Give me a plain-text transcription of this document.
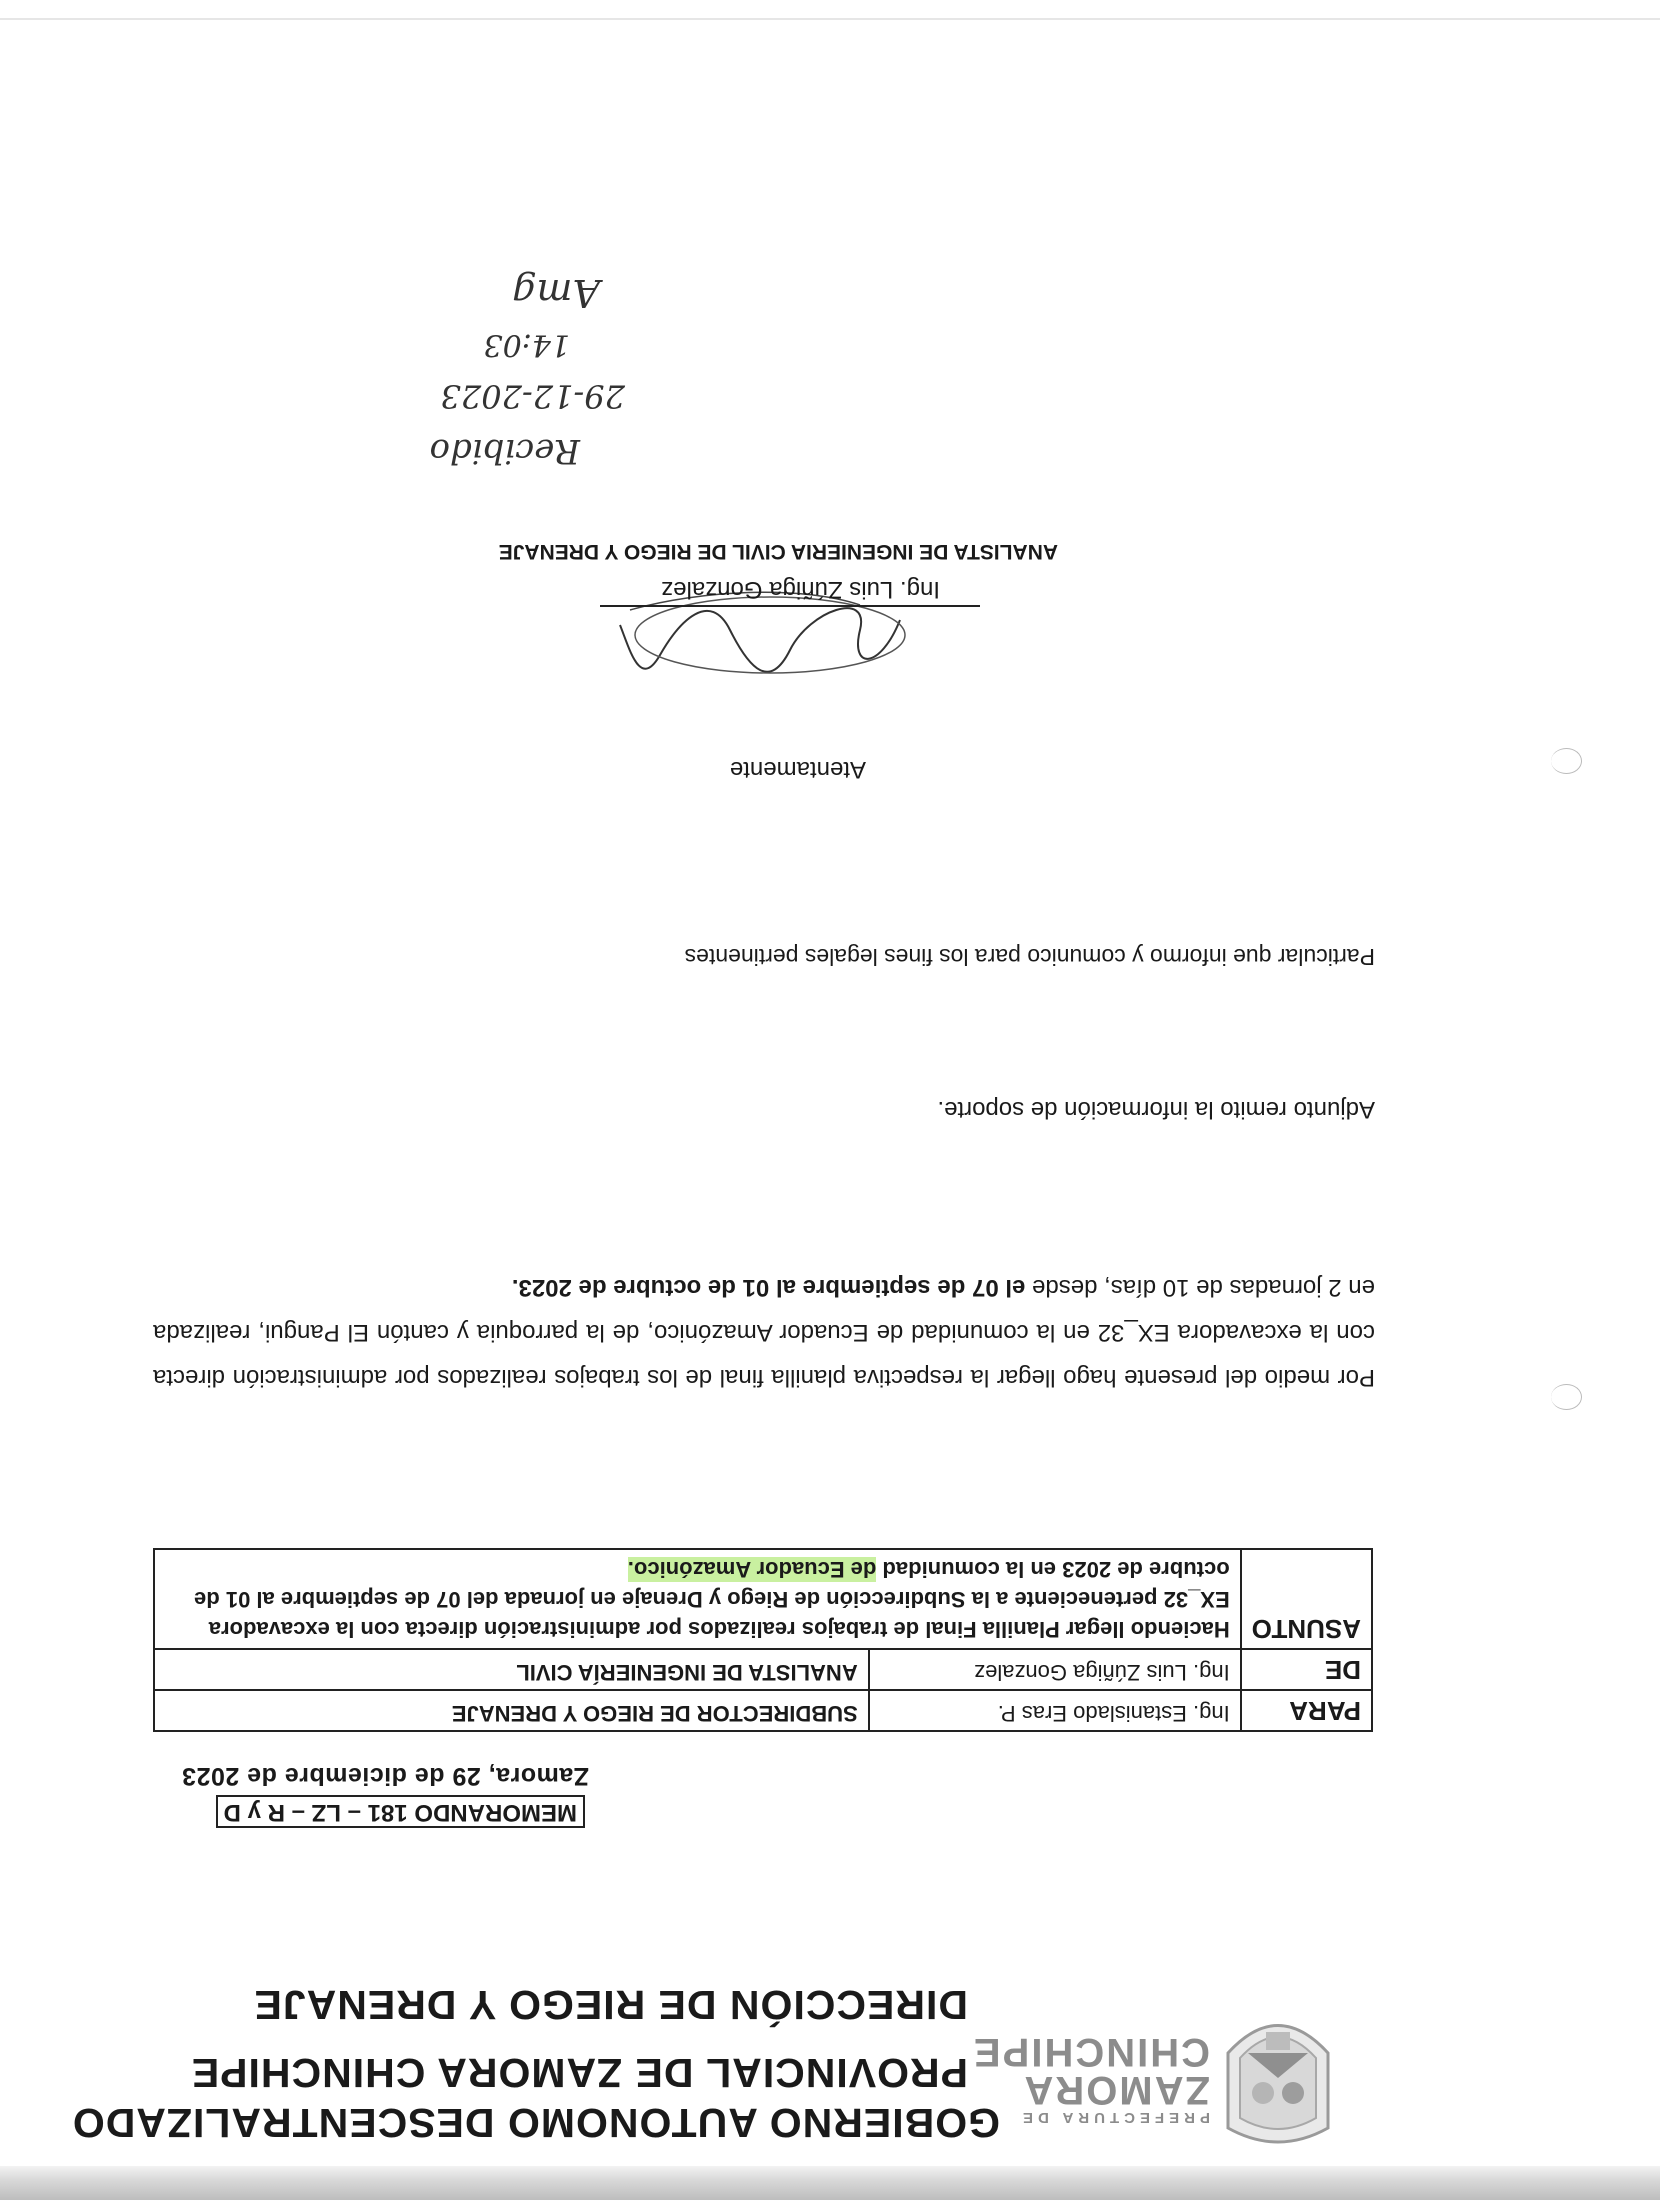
PREFECTURA DE
ZAMORA
CHINCHIPE
GOBIERNO AUTONOMO DESCENTRALIZADO
PROVINCIAL DE ZAMORA CHINCHIPE
DIRECCIÓN DE RIEGO Y DRENAJE
MEMORANDO 181 – LZ – R y D
Zamora, 29 de diciembre de 2023
PARA	Ing. Estanislado Eras P.	SUBDIRECTOR DE RIEGO Y DRENAJE
DE	Ing. Luis Zúñiga Gonzalez	ANALISTA DE INGENIERÍA CIVIL
ASUNTO	Haciendo llegar Planilla Final de trabajos realizados por administración directa con la excavadora EX_32 perteneciente a la Subdirección de Riego y Drenaje en jornada del 07 de septiembre al 01 de octubre de 2023 en la comunidad de Ecuador Amazónico.	

Por medio del presente hago llegar la respectiva planilla final de los trabajos realizados por administración directa con la excavadora EX_32 en la comunidad de Ecuador Amazónico, de la parroquia y cantón El Pangui, realizada en 2 jornadas de 10 días, desde el 07 de septiembre al 01 de octubre de 2023.

Adjunto remito la información de soporte.
Particular que informo y comunico para los fines legales pertinentes
Atentamente
Ing. Luis Zúñiga Gonzalez
ANALISTA DE INGENIERIA CIVIL DE RIEGO Y DRENAJE
Recibido
29-12-2023
14:03
Amg
